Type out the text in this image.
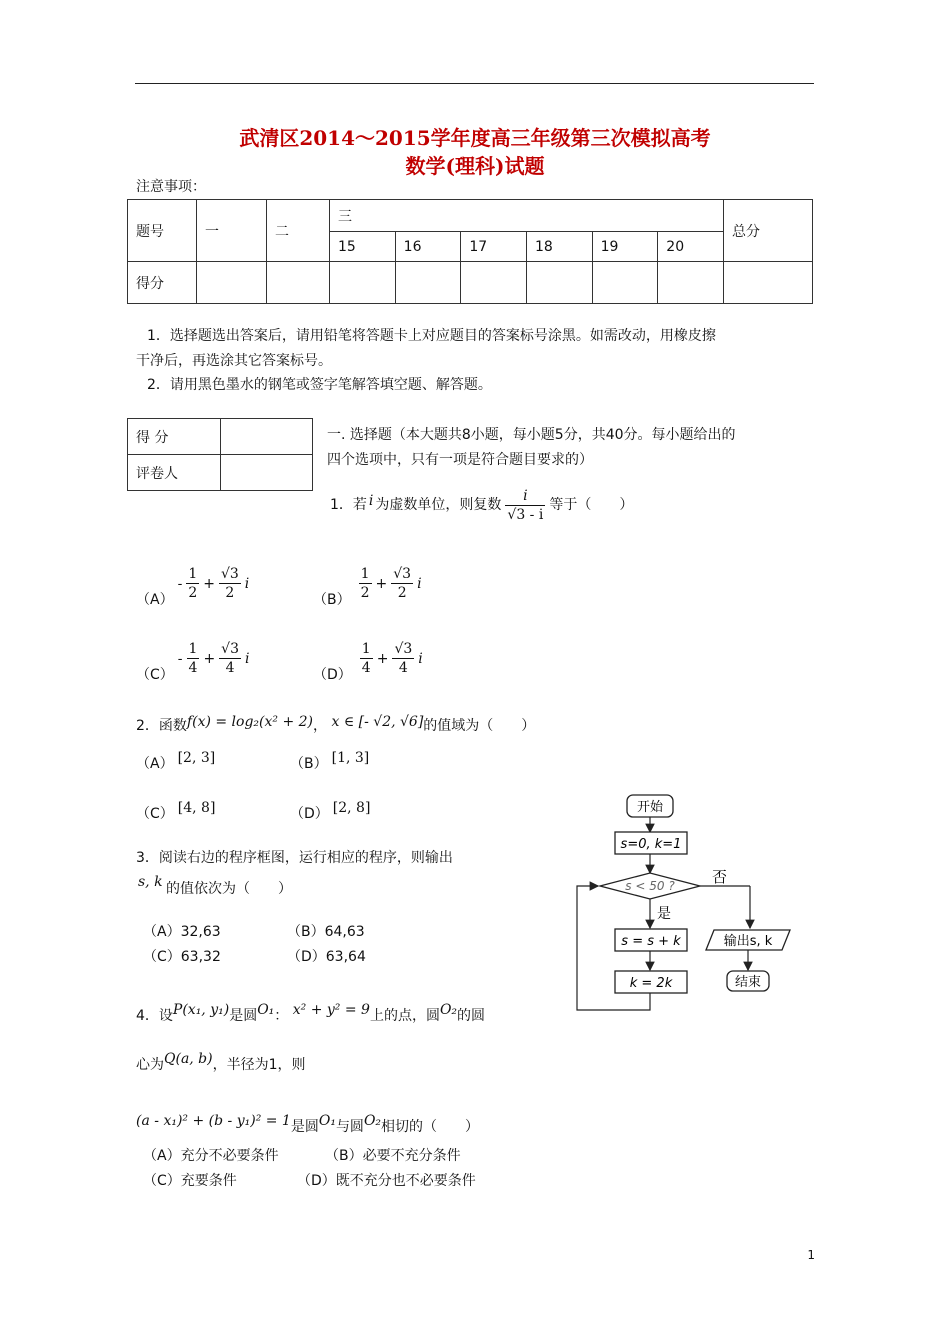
武清区2014～2015学年度高三年级第三次模拟高考
数学(理科)试题
注意事项：
题号	一	二	三						总分
			15	16	17	18	19	20	
得分									
1．选择题选出答案后，请用铅笔将答题卡上对应题目的答案标号涂黑。如需改动，用橡皮擦
干净后，再选涂其它答案标号。
2．请用黑色墨水的钢笔或签字笔解答填空题、解答题。
得 分	
评卷人	
一. 选择题（本大题共8小题，每小题5分，共40分。每小题给出的
四个选项中，只有一项是符合题目要求的）
1．若 i 为虚数单位，则复数 $\frac{i}{√3 - i}$ 等于（　　）
（A）
- $\frac{1}{2} + \frac{√3}{2}$ i
$(B) \frac{1}{2} + \frac{√3}{2}$ i
（C）
- $\frac{1}{4} + \frac{√3}{4}$ i
$(D) \frac{1}{4} + \frac{√3}{4}$ i
2．函数f(x) = log₂(x² + 2)， x ∈ [- √2, √6]的值域为（　　）
（A） [2, 3]	（B） [1, 3]
（C） [4, 8]	（D） [2, 8]
3．阅读右边的程序框图，运行相应的程序，则输出
s, k 的值依次为（　　）
（A）32,63	（B）64,63
（C）63,32	（D）63,64
开始
s=0, k=1
s < 50 ? 否
输出s, k
结束
是
s = s + k
k = 2k
4．设P(x₁, y₁)是圆O₁： x² + y² = 9上的点，圆O₂的圆
心为Q(a, b)，半径为1，则
(a - x₁)² + (b - y₁)² = 1是圆O₁与圆O₂相切的（　　）
（A）充分不必要条件	（B）必要不充分条件
（C）充要条件	（D）既不充分也不必要条件
1
